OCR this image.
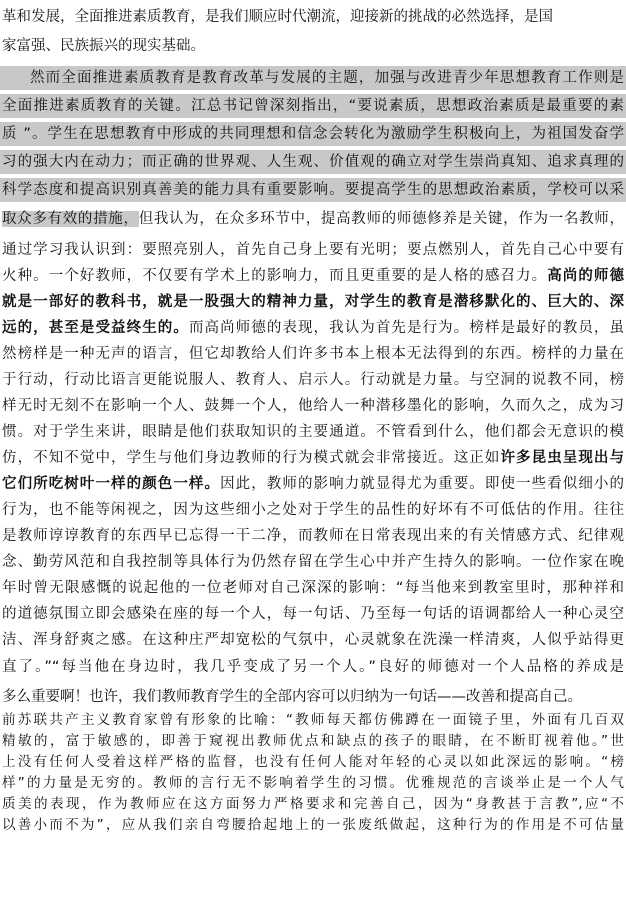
革和发展，全面推进素质教育，是我们顺应时代潮流，迎接新的挑战的必然选择，是国
家富强、民族振兴的现实基础。
然而全面推进素质教育是教育改革与发展的主题，加强与改进青少年思想教育工作则是
全面推进素质教育的关键。江总书记曾深刻指出，“要说素质，思想政治素质是最重要的素
质 ”。学生在思想教育中形成的共同理想和信念会转化为激励学生积极向上，为祖国发奋学
习的强大内在动力；而正确的世界观、人生观、价值观的确立对学生崇尚真知、追求真理的
科学态度和提高识别真善美的能力具有重要影响。要提高学生的思想政治素质，学校可以采
取众多有效的措施，但我认为，在众多环节中，提高教师的师德修养是关键，作为一名教师，
通过学习我认识到：要照亮别人，首先自己身上要有光明；要点燃别人，首先自己心中要有
火种。一个好教师，不仅要有学术上的影响力，而且更重要的是人格的感召力。高尚的师德
就是一部好的教科书，就是一股强大的精神力量，对学生的教育是潜移默化的、巨大的、深
远的，甚至是受益终生的。而高尚师德的表现，我认为首先是行为。榜样是最好的教员，虽
然榜样是一种无声的语言，但它却教给人们许多书本上根本无法得到的东西。榜样的力量在
于行动，行动比语言更能说服人、教育人、启示人。行动就是力量。与空洞的说教不同，榜
样无时无刻不在影响一个人、鼓舞一个人，他给人一种潜移墨化的影响，久而久之，成为习
惯。对于学生来讲，眼睛是他们获取知识的主要通道。不管看到什么，他们都会无意识的模
仿，不知不觉中，学生与他们身边教师的行为模式就会非常接近。这正如许多昆虫呈现出与
它们所吃树叶一样的颜色一样。因此，教师的影响力就显得尤为重要。即使一些看似细小的
行为，也不能等闲视之，因为这些细小之处对于学生的品性的好坏有不可低估的作用。往往
是教师谆谆教育的东西早已忘得一干二净，而教师在日常表现出来的有关情感方式、纪律观
念、勤劳风范和自我控制等具体行为仍然存留在学生心中并产生持久的影响。一位作家在晚
年时曾无限感慨的说起他的一位老师对自己深深的影响：“每当他来到教室里时，那种祥和
的道德氛围立即会感染在座的每一个人，每一句话、乃至每一句话的语调都给人一种心灵空
洁、浑身舒爽之感。在这种庄严却宽松的气氛中，心灵就象在洗澡一样清爽，人似乎站得更
直了。”“每当他在身边时，我几乎变成了另一个人。”良好的师德对一个人品格的养成是
多么重要啊！也许，我们教师教育学生的全部内容可以归纳为一句话——改善和提高自己。
前苏联共产主义教育家曾有形象的比喻：“教师每天都仿佛蹲在一面镜子里，外面有几百双
精敏的，富于敏感的，即善于窥视出教师优点和缺点的孩子的眼睛，在不断盯视着他。”世
上没有任何人受着这样严格的监督，也没有任何人能对年轻的心灵以如此深远的影响。“榜
样”的力量是无穷的。教师的言行无不影响着学生的习惯。优雅规范的言谈举止是一个人气
质美的表现，作为教师应在这方面努力严格要求和完善自己，因为“身教甚于言教”,应“不
以善小而不为”，应从我们亲自弯腰拾起地上的一张废纸做起，这种行为的作用是不可估量
